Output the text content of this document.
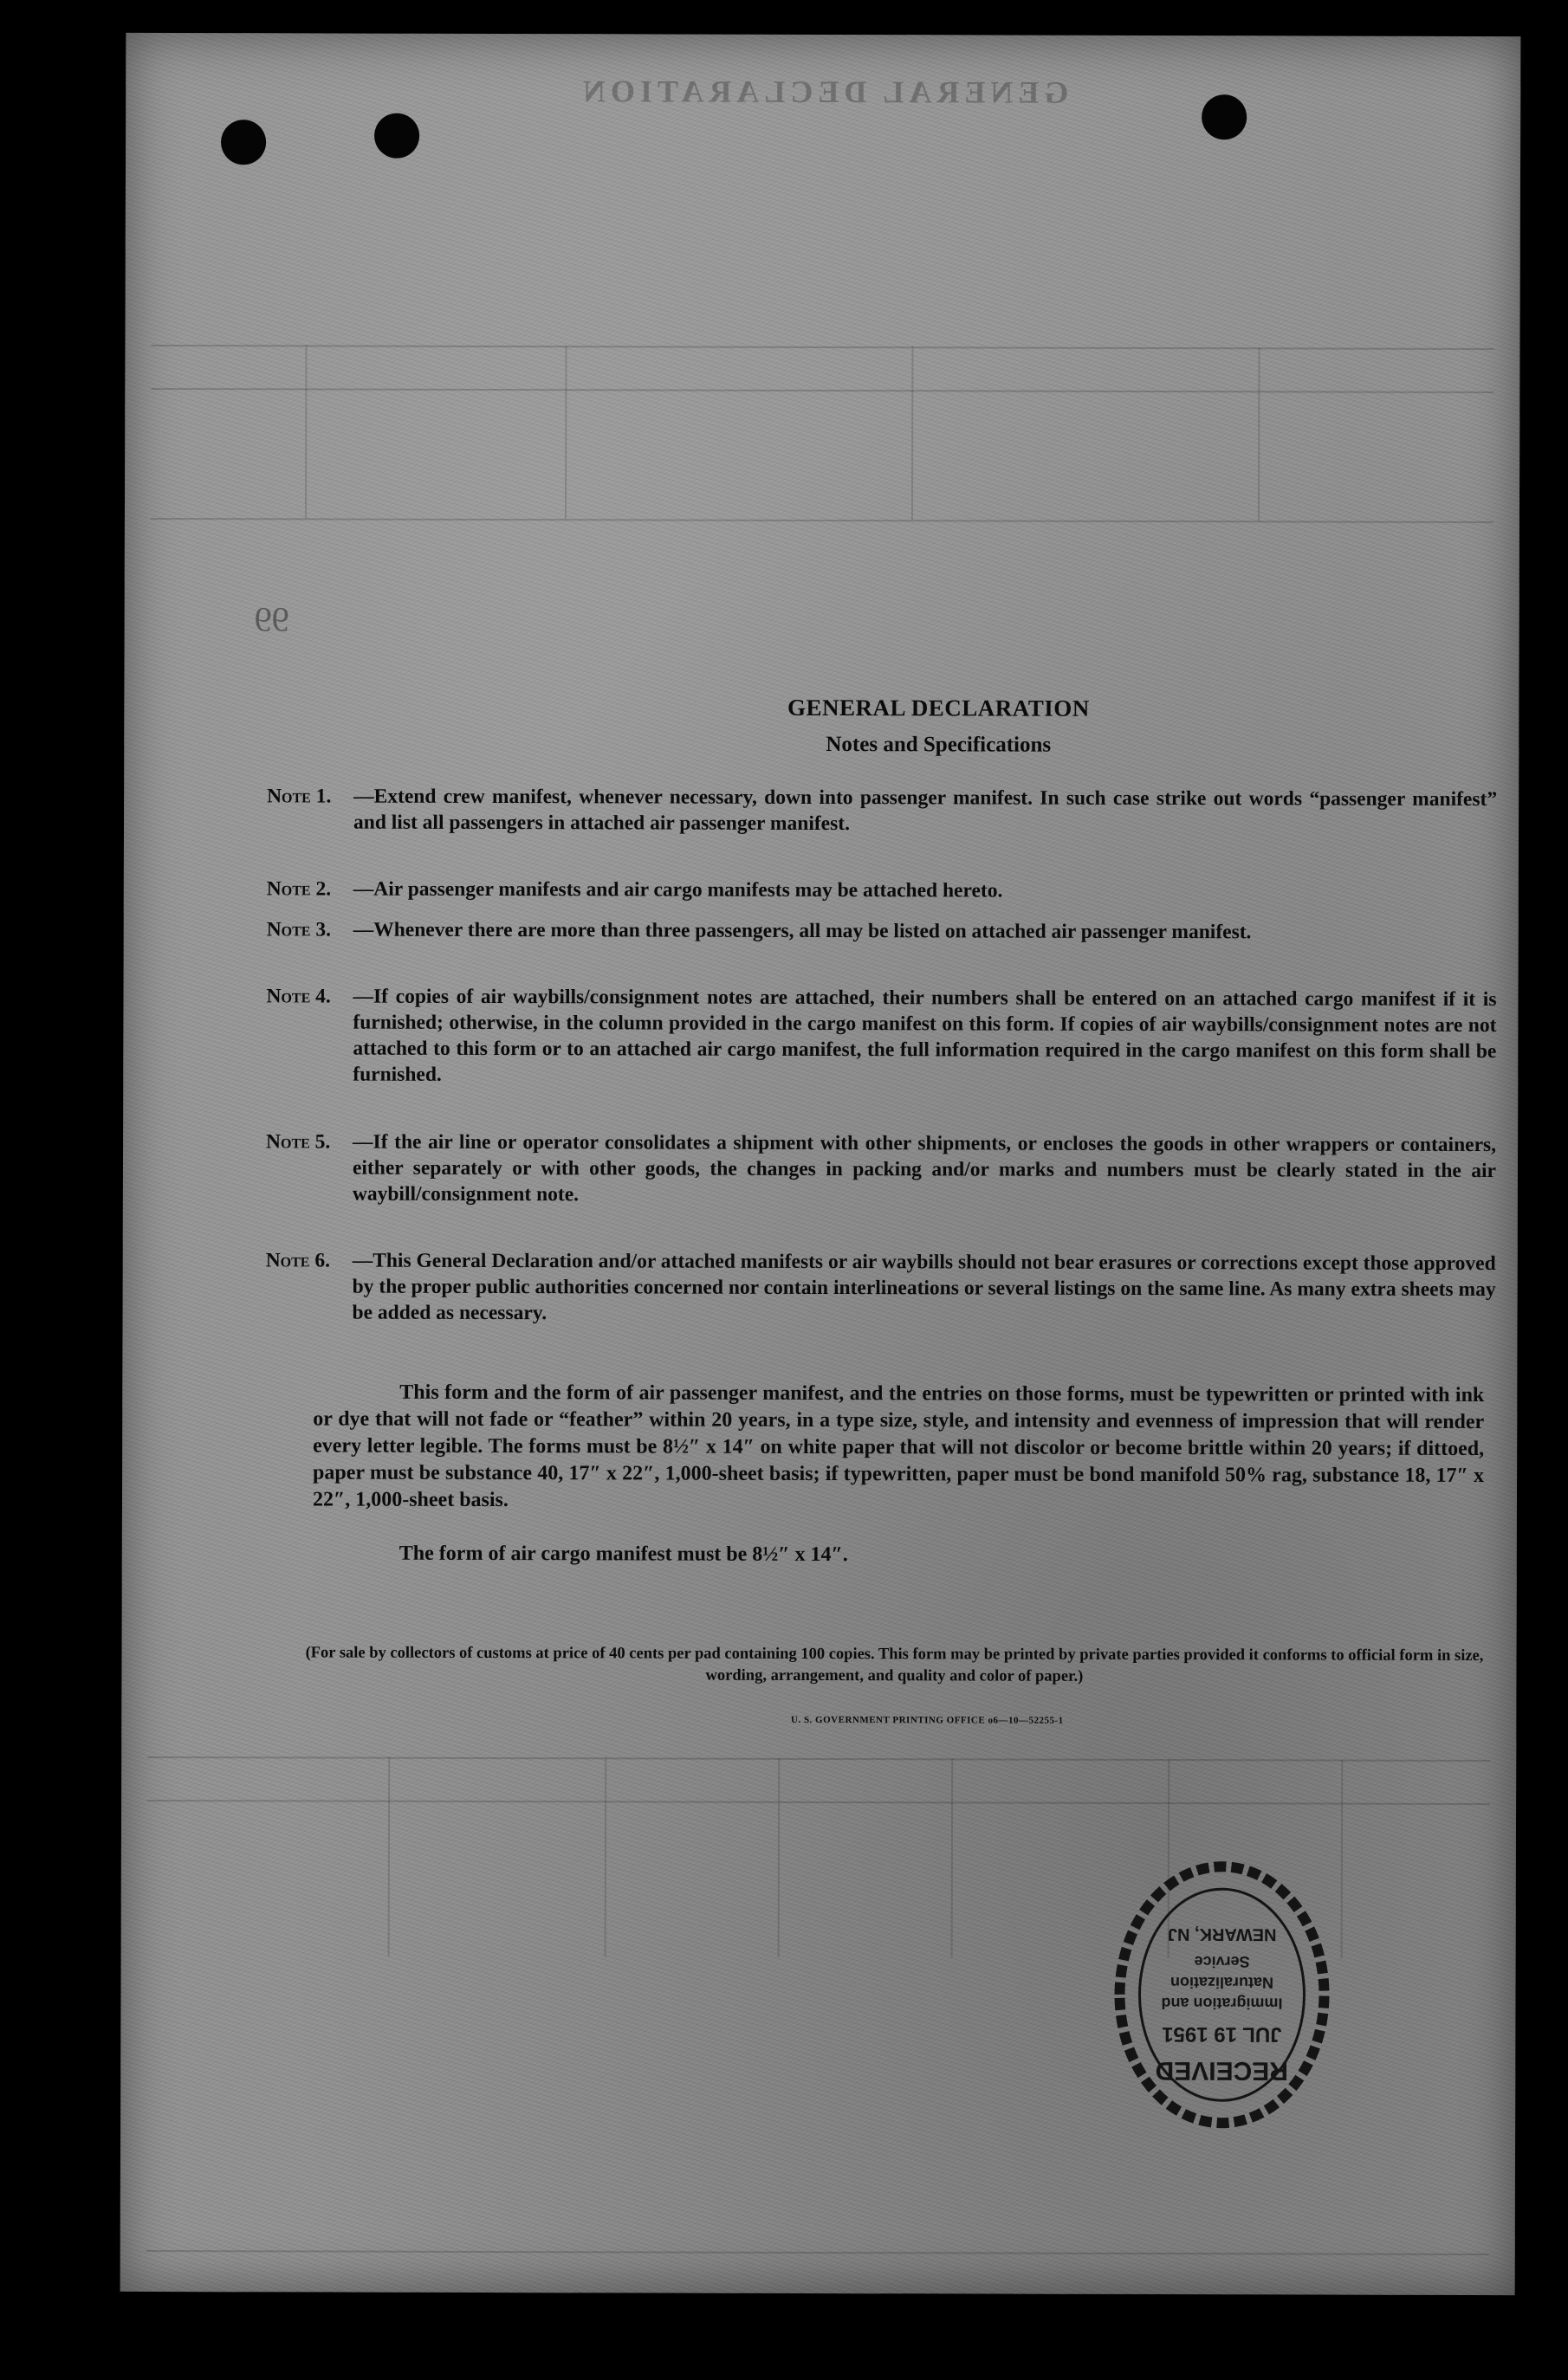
GENERAL DECLARATION
GENERAL DECLARATION
Notes and Specifications
Note 1. —Extend crew manifest, whenever necessary, down into passenger manifest. In such case strike out words “passenger manifest” and list all passengers in attached air passenger manifest.
Note 2. —Air passenger manifests and air cargo manifests may be attached hereto.
Note 3. —Whenever there are more than three passengers, all may be listed on attached air passenger manifest.
Note 4. —If copies of air waybills/consignment notes are attached, their numbers shall be entered on an attached cargo manifest if it is furnished; otherwise, in the column provided in the cargo manifest on this form. If copies of air waybills/consignment notes are not attached to this form or to an attached air cargo manifest, the full information required in the cargo manifest on this form shall be furnished.
Note 5. —If the air line or operator consolidates a shipment with other shipments, or encloses the goods in other wrappers or containers, either separately or with other goods, the changes in packing and/or marks and numbers must be clearly stated in the air waybill/consignment note.
Note 6. —This General Declaration and/or attached manifests or air waybills should not bear erasures or corrections except those approved by the proper public authorities concerned nor contain interlineations or several listings on the same line. As many extra sheets may be added as necessary.
This form and the form of air passenger manifest, and the entries on those forms, must be typewritten or printed with ink or dye that will not fade or “feather” within 20 years, in a type size, style, and intensity and evenness of impression that will render every letter legible. The forms must be 8½″ x 14″ on white paper that will not discolor or become brittle within 20 years; if dittoed, paper must be substance 40, 17″ x 22″, 1,000-sheet basis; if typewritten, paper must be bond manifold 50% rag, substance 18, 17″ x 22″, 1,000-sheet basis.
The form of air cargo manifest must be 8½″ x 14″.
(For sale by collectors of customs at price of 40 cents per pad containing 100 copies. This form may be printed by private parties provided it conforms to official form in size, wording, arrangement, and quality and color of paper.)
U. S. GOVERNMENT PRINTING OFFICE o6—10—52255-1
99
RECEIVED
JUL 19 1951
Immigration and
Naturalization
Service
NEWARK, NJ
